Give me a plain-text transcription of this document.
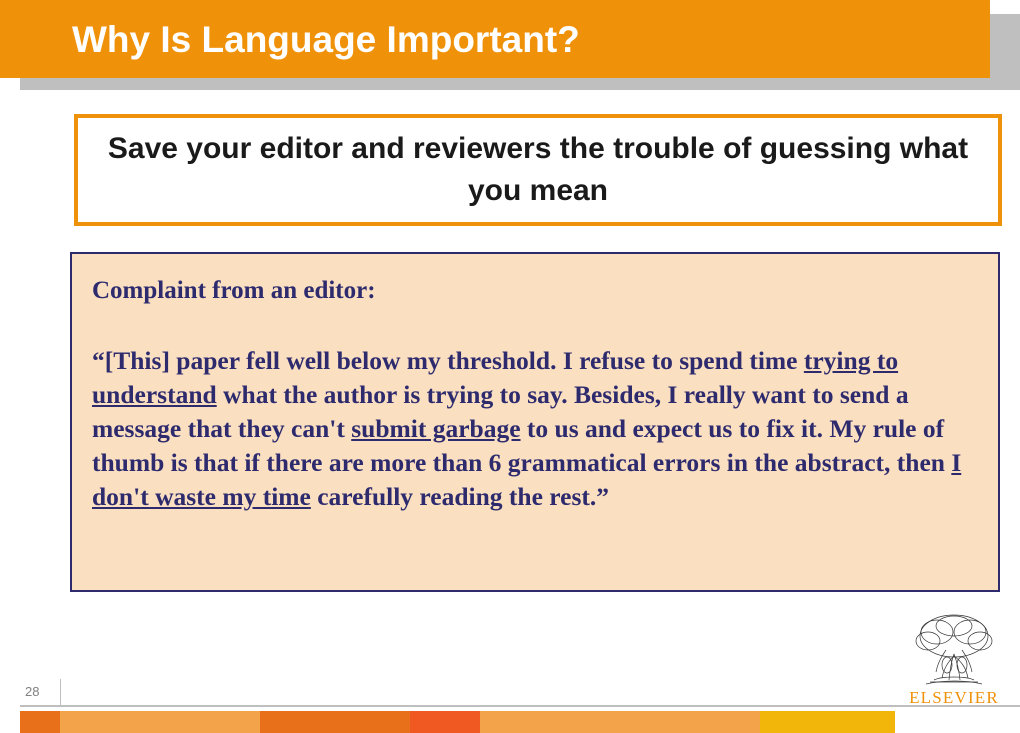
Why Is Language Important?
Save your editor and reviewers the trouble of guessing what you mean

Complaint from an editor:

“[This] paper fell well below my threshold. I refuse to spend time trying to understand what the author is trying to say. Besides, I really want to send a message that they can't submit garbage to us and expect us to fix it. My rule of thumb is that if there are more than 6 grammatical errors in the abstract, then I don't waste my time carefully reading the rest.”

28	ELSEVIER
